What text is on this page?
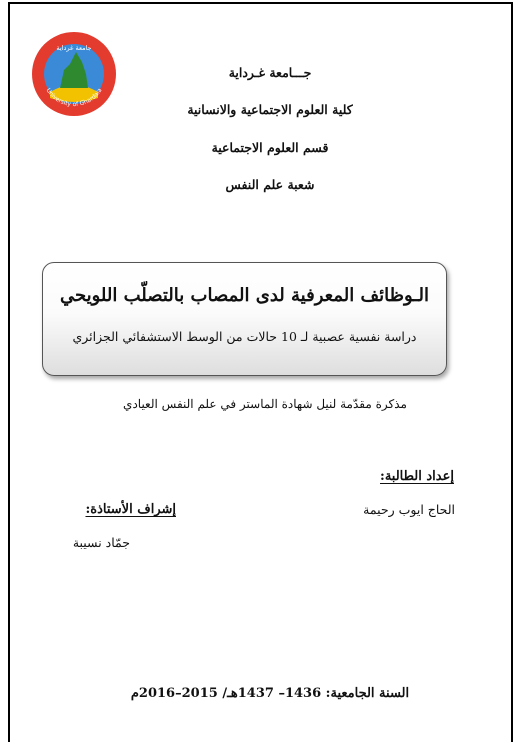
جامعة غرداية
University of Ghardaia
جـــامعة غـرداية
كلية العلوم الاجتماعية والانسانية
قسم العلوم الاجتماعية
شعبة علم النفس
الـوظائف المعرفية لدى المصاب بالتصلّب اللويحي
دراسة نفسية عصبية لـ 10 حالات من الوسط الاستشفائي الجزائري
مذكرة مقدّمة لنيل شهادة الماستر في علم النفس العيادي
إعداد الطالبة:
الحاج ايوب رحيمة
إشراف الأستاذة:
جمّاد نسيبة
السنة الجامعية: 1436– 1437هـ/ 2015–2016م
